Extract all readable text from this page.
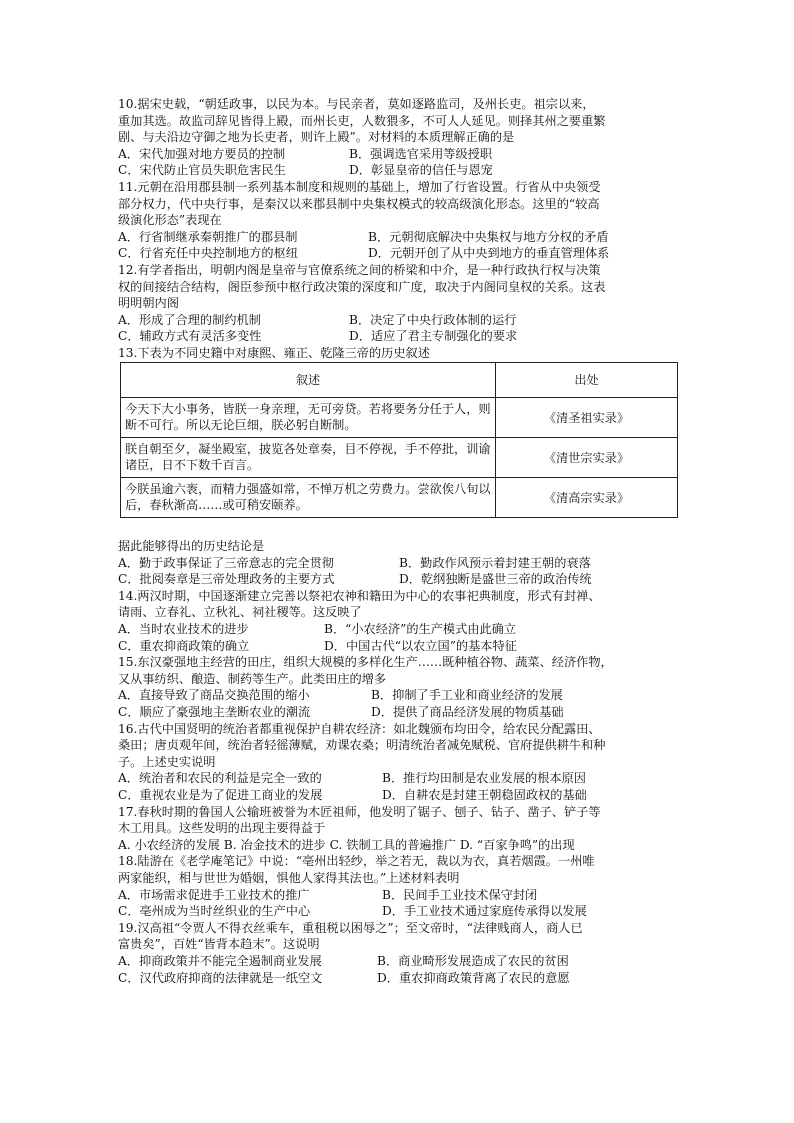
10.据宋史载，“朝廷政事，以民为本。与民亲者，莫如逐路监司，及州长吏。祖宗以来，
重加其选。故监司辞见皆得上殿，而州长吏，人数猥多，不可人人延见。则择其州之要重繁
剧、与夫沿边守御之地为长吏者，则许上殿”。对材料的本质理解正确的是
A．宋代加强对地方要员的控制	B．强调选官采用等级授职
C．宋代防止官员失职危害民生	D．彰显皇帝的信任与恩宠
11.元朝在沿用郡县制一系列基本制度和规则的基础上，增加了行省设置。行省从中央领受
部分权力，代中央行事，是秦汉以来郡县制中央集权模式的较高级演化形态。这里的“较高
级演化形态”表现在
A．行省制继承秦朝推广的郡县制	B．元朝彻底解决中央集权与地方分权的矛盾
C．行省充任中央控制地方的枢纽	D．元朝开创了从中央到地方的垂直管理体系
12.有学者指出，明朝内阁是皇帝与官僚系统之间的桥梁和中介，是一种行政执行权与决策
权的间接结合结构，阁臣参预中枢行政决策的深度和广度，取决于内阁同皇权的关系。这表
明明朝内阁
A．形成了合理的制约机制	B．决定了中央行政体制的运行
C．辅政方式有灵活多变性	D．适应了君主专制强化的要求
13.下表为不同史籍中对康熙、雍正、乾隆三帝的历史叙述
叙述	出处
今天下大小事务，皆朕一身亲理，无可旁贷。若将要务分任于人，则断不可行。所以无论巨细，朕必躬自断制。	《清圣祖实录》
朕自朝至夕，凝坐殿室，披览各处章奏，目不停视，手不停批，训谕诸臣，日不下数千百言。	《清世宗实录》
今朕虽逾六袠，而精力强盛如常，不惮万机之劳费力。尝欲俟八旬以后，春秋渐高……或可稍安颐养。	《清高宗实录》
据此能够得出的历史结论是
A．勤于政事保证了三帝意志的完全贯彻	B．勤政作风预示着封建王朝的衰落
C．批阅奏章是三帝处理政务的主要方式	D．乾纲独断是盛世三帝的政治传统
14.两汉时期，中国逐渐建立完善以祭祀农神和籍田为中心的农事祀典制度，形式有封禅、
请雨、立春礼、立秋礼、祠社稷等。这反映了
A．当时农业技术的进步	B．“小农经济”的生产模式由此确立
C．重农抑商政策的确立	D．中国古代“以农立国”的基本特征
15.东汉豪强地主经营的田庄，组织大规模的多样化生产……既种植谷物、蔬菜、经济作物，
又从事纺织、酿造、制药等生产。此类田庄的增多
A．直接导致了商品交换范围的缩小	B．抑制了手工业和商业经济的发展
C．顺应了豪强地主垄断农业的潮流	D．提供了商品经济发展的物质基础
16.古代中国贤明的统治者都重视保护自耕农经济：如北魏颁布均田令，给农民分配露田、
桑田；唐贞观年间，统治者轻徭薄赋，劝课农桑；明清统治者减免赋税、官府提供耕牛和种
子。上述史实说明
A．统治者和农民的利益是完全一致的	B．推行均田制是农业发展的根本原因
C．重视农业是为了促进工商业的发展	D．自耕农是封建王朝稳固政权的基础
17.春秋时期的鲁国人公输班被誉为木匠祖师，他发明了锯子、刨子、钻子、凿子、铲子等
木工用具。这些发明的出现主要得益于
A. 小农经济的发展 B. 冶金技术的进步 C. 铁制工具的普遍推广 D. “百家争鸣”的出现
18.陆游在《老学庵笔记》中说：“亳州出轻纱，举之若无，裁以为衣，真若烟霞。一州唯
两家能织，相与世世为婚姻，惧他人家得其法也。”上述材料表明
A．市场需求促进手工业技术的推广	B．民间手工业技术保守封闭
C．亳州成为当时丝织业的生产中心	D．手工业技术通过家庭传承得以发展
19.汉高祖“令贾人不得衣丝乘车，重租税以困辱之”；至文帝时，“法律贱商人，商人已
富贵矣”，百姓“皆背本趋末”。这说明
A．抑商政策并不能完全遏制商业发展	B．商业畸形发展造成了农民的贫困
C．汉代政府抑商的法律就是一纸空文	D．重农抑商政策背离了农民的意愿
